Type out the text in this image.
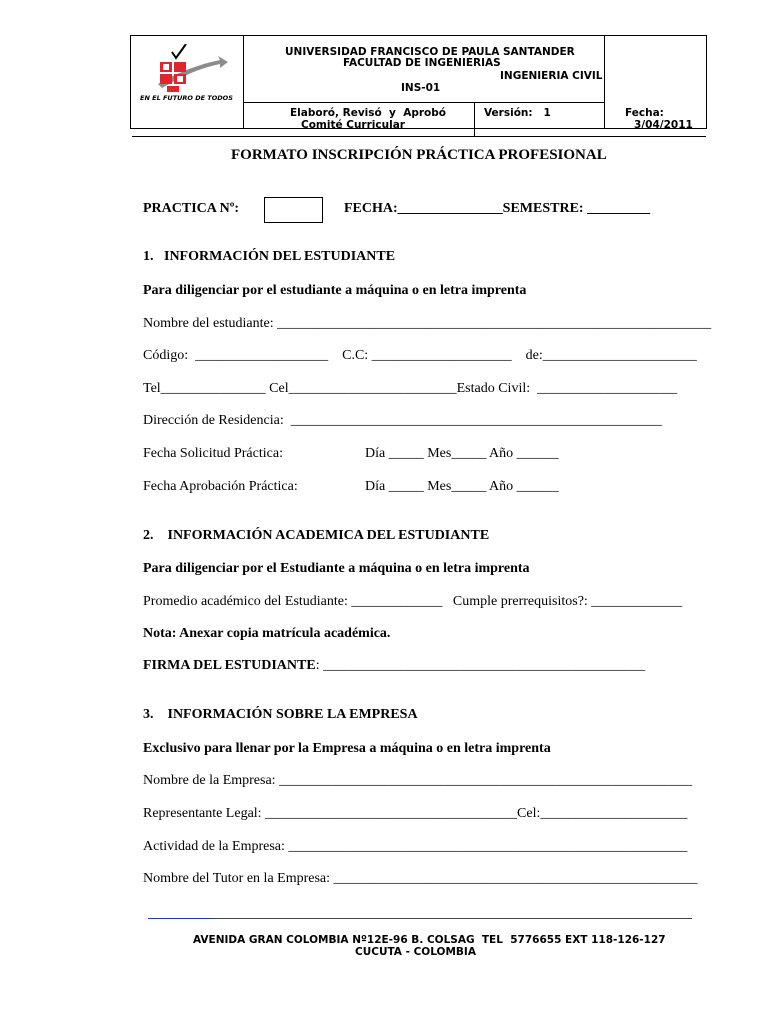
EN EL FUTURO DE TODOS
UNIVERSIDAD FRANCISCO DE PAULA SANTANDER
FACULTAD DE INGENIERIAS
INGENIERIA CIVIL
INS-01
Elaboró, Revisó  y  Aprobó
Comité Curricular
Versión:   1	Fecha:
3/04/2011
FORMATO INSCRIPCIÓN PRÁCTICA PROFESIONAL
PRACTICA Nº:	FECHA:_______________SEMESTRE: _________
1.   INFORMACIÓN DEL ESTUDIANTE
Para diligenciar por el estudiante a máquina o en letra imprenta
Nombre del estudiante: ______________________________________________________________
Código:  ___________________    C.C: ____________________    de:______________________
Tel_______________ Cel________________________Estado Civil:  ____________________
Dirección de Residencia:  _____________________________________________________
Fecha Solicitud Práctica:	Día _____ Mes_____ Año ______
Fecha Aprobación Práctica:	Día _____ Mes_____ Año ______
2.    INFORMACIÓN ACADEMICA DEL ESTUDIANTE
Para diligenciar por el Estudiante a máquina o en letra imprenta
Promedio académico del Estudiante: _____________   Cumple prerrequisitos?: _____________
Nota: Anexar copia matrícula académica.
FIRMA DEL ESTUDIANTE: ______________________________________________
3.    INFORMACIÓN SOBRE LA EMPRESA
Exclusivo para llenar por la Empresa a máquina o en letra imprenta
Nombre de la Empresa: ___________________________________________________________
Representante Legal: ____________________________________Cel:_____________________
Actividad de la Empresa: _________________________________________________________
Nombre del Tutor en la Empresa: ____________________________________________________
AVENIDA GRAN COLOMBIA Nº12E-96 B. COLSAG  TEL  5776655 EXT 118-126-127
CUCUTA - COLOMBIA
